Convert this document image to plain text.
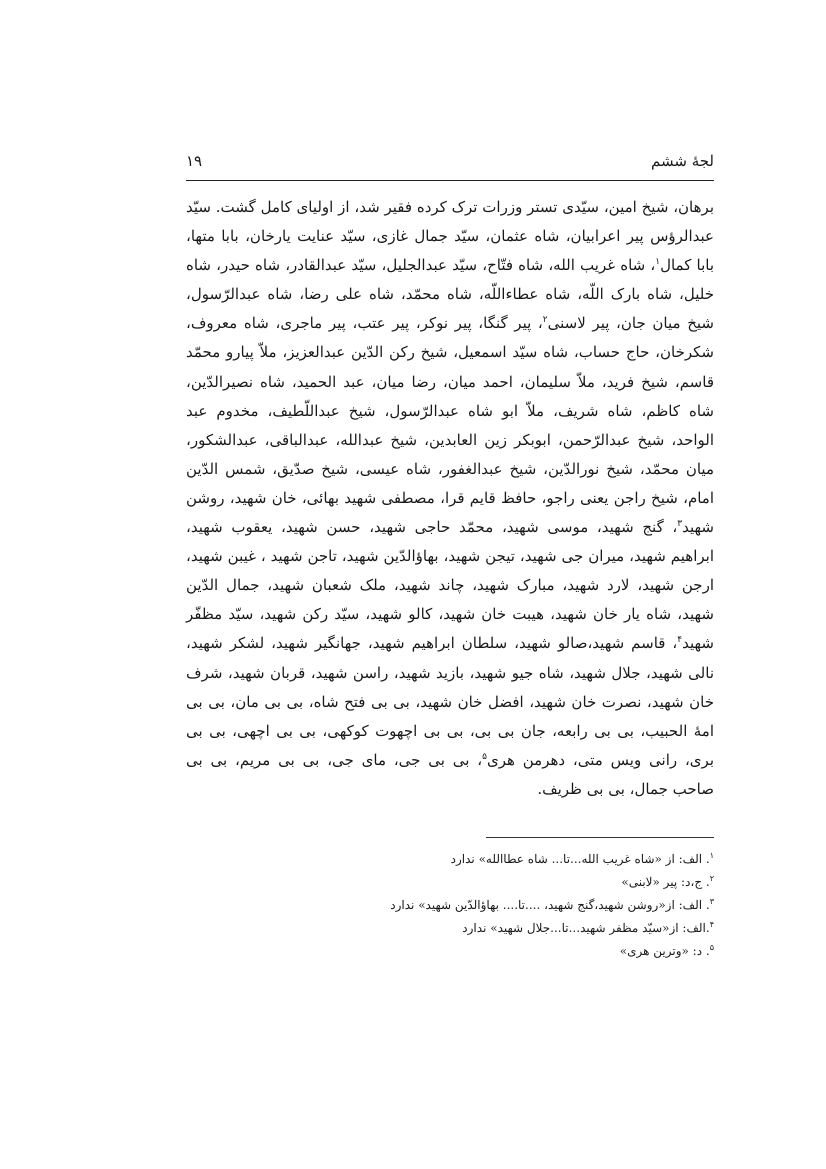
لجۀ ششم
۱۹

برهان، شیخ امین، سیّدی تستر وزرات ترک کرده فقیر شد، از اولیای کامل گشت. سیّد عبدالرؤس پیر اعرابیان، شاه عثمان، سیّد جمال غازی، سیّد عنایت یارخان، بابا متها، بابا کمال$^۱$، شاه غریب الله، شاه فتّاح، سیّد عبدالجلیل، سیّد عبدالقادر، شاه حیدر، شاه خلیل، شاه بارک اللّه، شاه عطاءاللّه، شاه محمّد، شاه علی رضا، شاه عبدالرّسول، شیخ میان جان، پیر لاسنی$^۲$، پیر گنگا، پیر نوکر، پیر عتب، پیر ماجری، شاه معروف، شکرخان، حاج حساب، شاه سیّد اسمعیل، شیخ رکن الدّین عبدالعزیز، ملاّ پیارو محمّد قاسم، شیخ فرید، ملاّ سلیمان، احمد میان، رضا میان، عبد الحمید، شاه نصیرالدّین، شاه کاظم، شاه شریف، ملاّ ابو شاه عبدالرّسول، شیخ عبداللّطیف، مخدوم عبد الواحد، شیخ عبدالرّحمن، ابوبکر زین العابدین، شیخ عبدالله، عبدالباقی، عبدالشکور، میان محمّد، شیخ نورالدّین، شیخ عبدالغفور، شاه عیسی، شیخ صدّیق، شمس الدّین امام، شیخ راجن یعنی راجو، حافظ قایم قرا، مصطفی شهید بهائی، خان شهید، روشن شهید$^۳$، گنج شهید، موسی شهید، محمّد حاجی شهید، حسن شهید، یعقوب شهید، ابراهیم شهید، میران جی شهید، تیجن شهید، بهاؤالدّین شهید، تاجن شهید ، غیبن شهید، ارجن شهید، لارد شهید، مبارک شهید، چاند شهید، ملک شعبان شهید، جمال الدّین شهید، شاه یار خان شهید، هیبت خان شهید، کالو شهید، سیّد رکن شهید، سیّد مظفّر شهید$^۴$، قاسم شهید،صالو شهید، سلطان ابراهیم شهید، جهانگیر شهید، لشکر شهید، نالی شهید، جلال شهید، شاه جیو شهید، بازید شهید، راسن شهید، قربان شهید، شرف خان شهید، نصرت خان شهید، افضل خان شهید، بی بی فتح شاه، بی بی مان، بی بی امۀ الحبیب، بی بی رابعه، جان بی بی، بی بی اچهوت کوکهی، بی بی اچهی، بی بی بری، رانی ویس متی، دهرمن هری$^۵$، بی بی جی، مای جی، بی بی مریم، بی بی صاحب جمال، بی بی ظریف.

$^۱$. الف: از «شاه غریب الله...تا... شاه عطاالله» ندارد
$^۲$. ج،د: پیر «لابنی»
$^۳$. الف: از«روشن شهید،گنج شهید، ....تا.... بهاؤالدّین شهید» ندارد
$^۴$.الف: از«سیّد مظفر شهید...تا...جلال شهید» ندارد
$^۵$. د: «وترین هری»
